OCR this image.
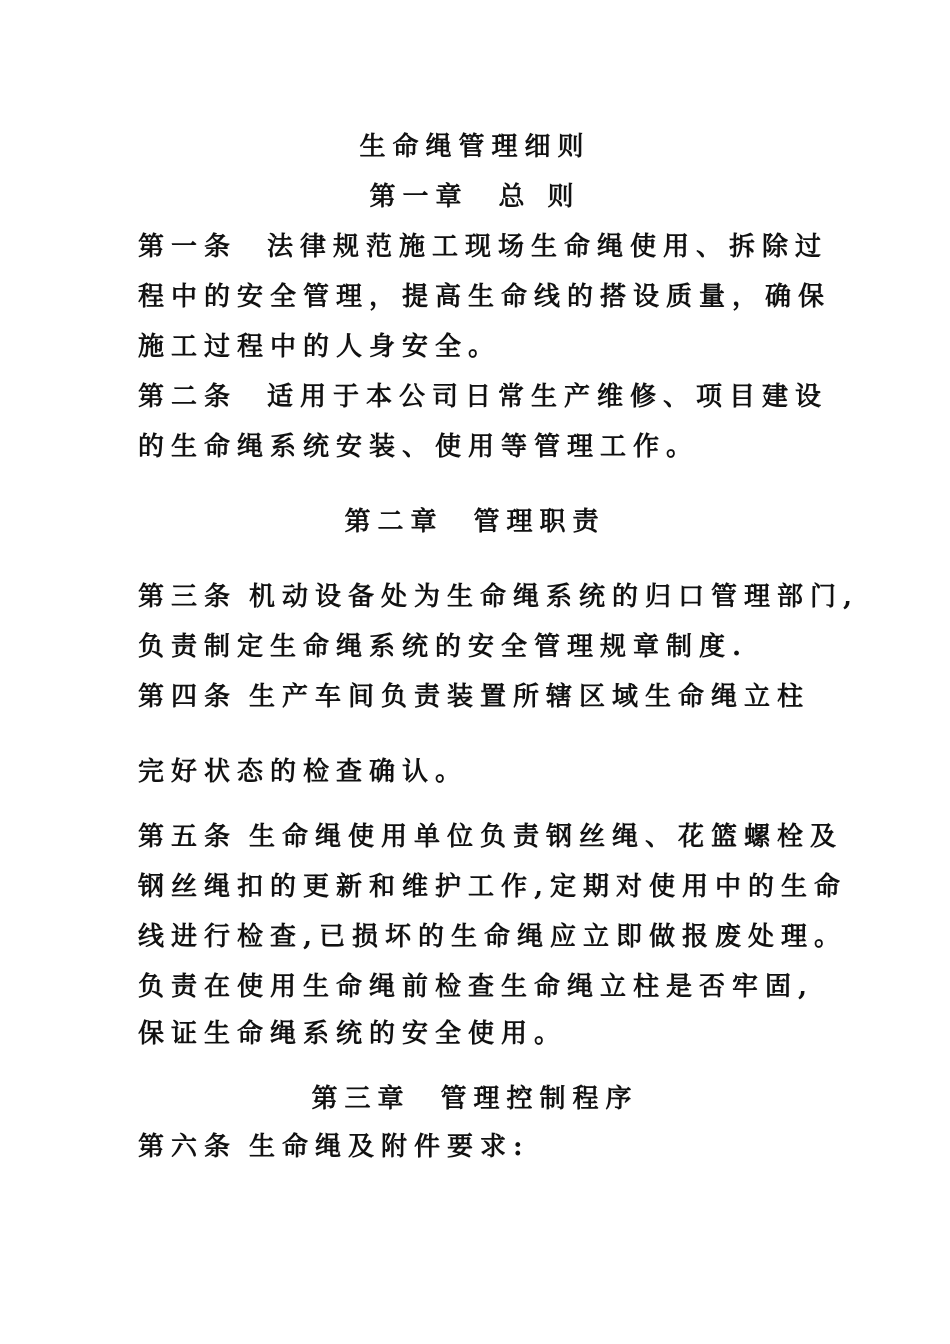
生命绳管理细则
第一章 总 则
第一条 法律规范施工现场生命绳使用、拆除过
程中的安全管理，提高生命线的搭设质量，确保
施工过程中的人身安全。
第二条 适用于本公司日常生产维修、项目建设
的生命绳系统安装、使用等管理工作。
第二章 管理职责
第三条 机动设备处为生命绳系统的归口管理部门,
负责制定生命绳系统的安全管理规章制度.
第四条 生产车间负责装置所辖区域生命绳立柱
完好状态的检查确认。
第五条 生命绳使用单位负责钢丝绳、花篮螺栓及
钢丝绳扣的更新和维护工作,定期对使用中的生命
线进行检查,已损坏的生命绳应立即做报废处理。
负责在使用生命绳前检查生命绳立柱是否牢固,
保证生命绳系统的安全使用。
第三章 管理控制程序
第六条 生命绳及附件要求:
